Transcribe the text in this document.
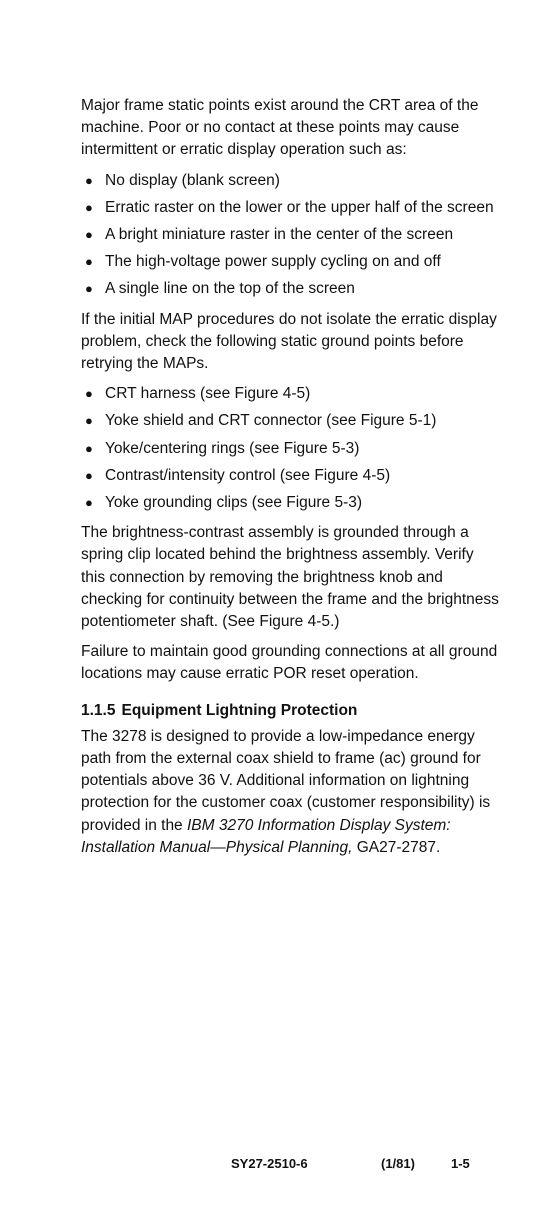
Major frame static points exist around the CRT area of the machine. Poor or no contact at these points may cause intermittent or erratic display operation such as:

● No display (blank screen)
● Erratic raster on the lower or the upper half of the screen
● A bright miniature raster in the center of the screen
● The high-voltage power supply cycling on and off
● A single line on the top of the screen

If the initial MAP procedures do not isolate the erratic display problem, check the following static ground points before retrying the MAPs.

● CRT harness (see Figure 4-5)
● Yoke shield and CRT connector (see Figure 5-1)
● Yoke/centering rings (see Figure 5-3)
● Contrast/intensity control (see Figure 4-5)
● Yoke grounding clips (see Figure 5-3)

The brightness-contrast assembly is grounded through a spring clip located behind the brightness assembly. Verify this connection by removing the brightness knob and checking for continuity between the frame and the brightness potentiometer shaft. (See Figure 4-5.)

Failure to maintain good grounding connections at all ground locations may cause erratic POR reset operation.

1.1.5 Equipment Lightning Protection

The 3278 is designed to provide a low-impedance energy path from the external coax shield to frame (ac) ground for potentials above 36 V. Additional information on lightning protection for the customer coax (customer responsibility) is provided in the IBM 3270 Information Display System: Installation Manual—Physical Planning, GA27-2787.

SY27-2510-6	(1/81)	1-5
